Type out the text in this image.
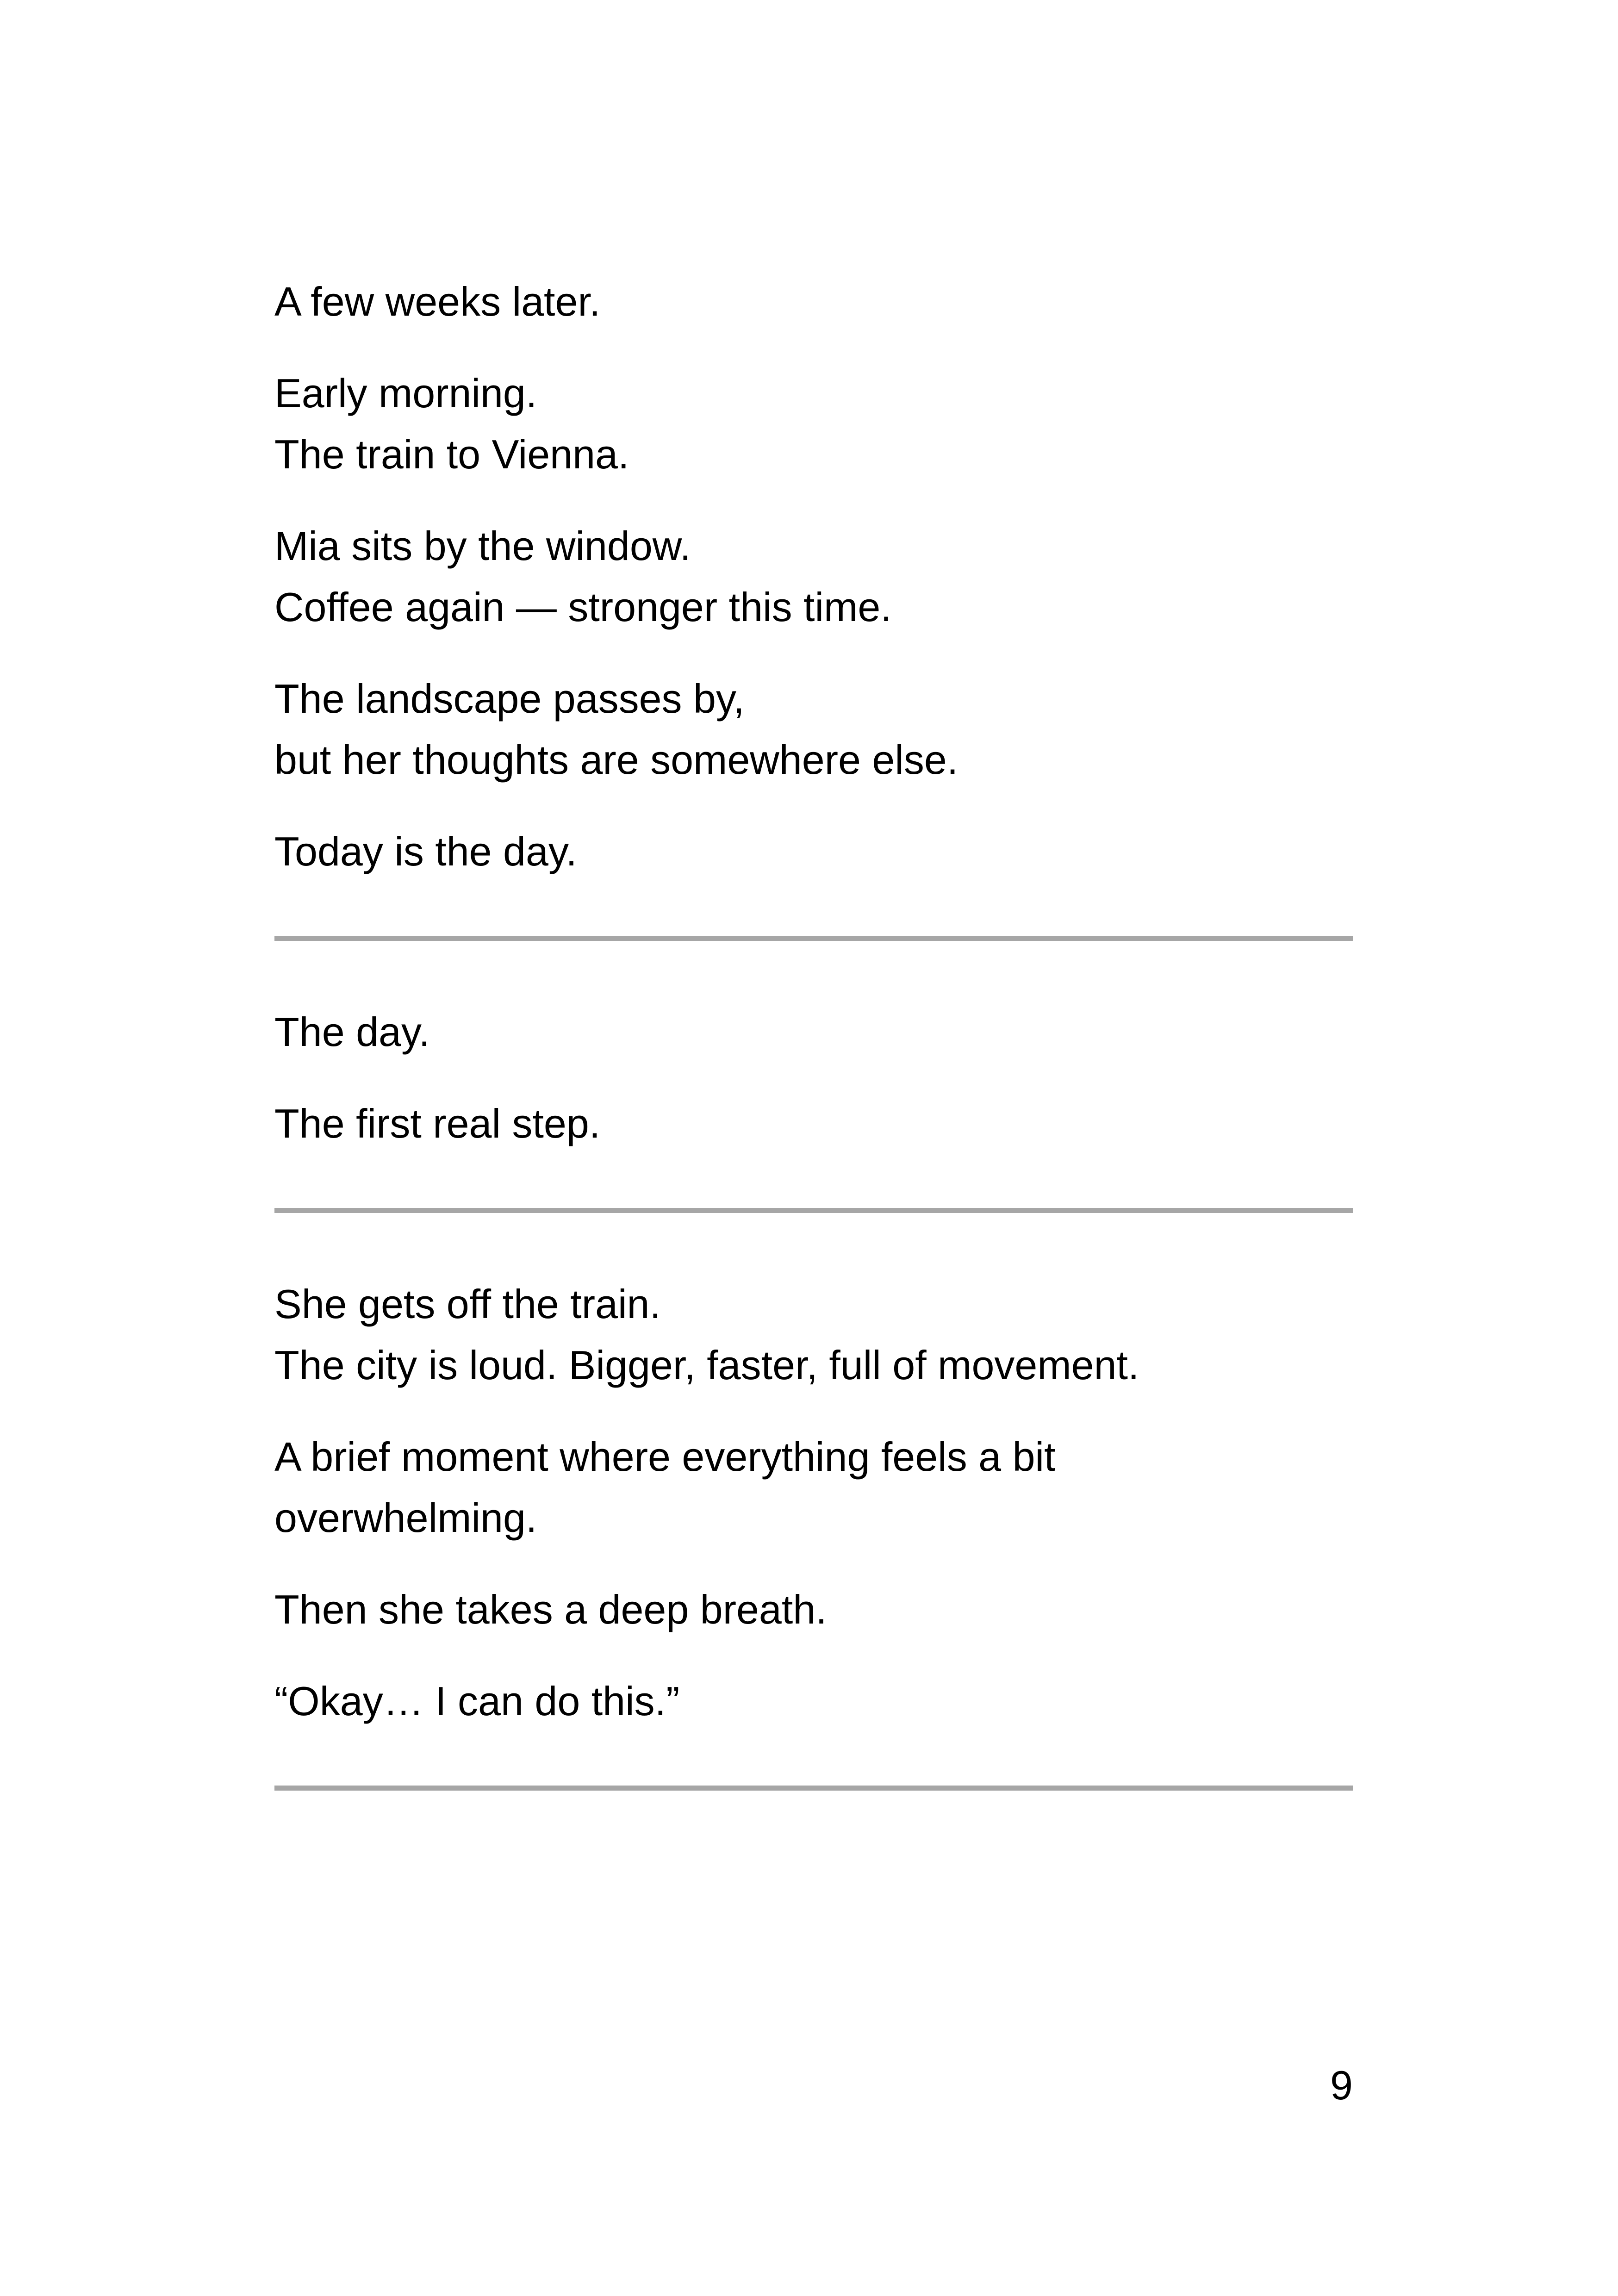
A few weeks later.

Early morning.
The train to Vienna.

Mia sits by the window.
Coffee again — stronger this time.

The landscape passes by,
but her thoughts are somewhere else.

Today is the day.

The day.

The first real step.

She gets off the train.
The city is loud. Bigger, faster, full of movement.

A brief moment where everything feels a bit
overwhelming.

Then she takes a deep breath.

“Okay… I can do this.”

9
